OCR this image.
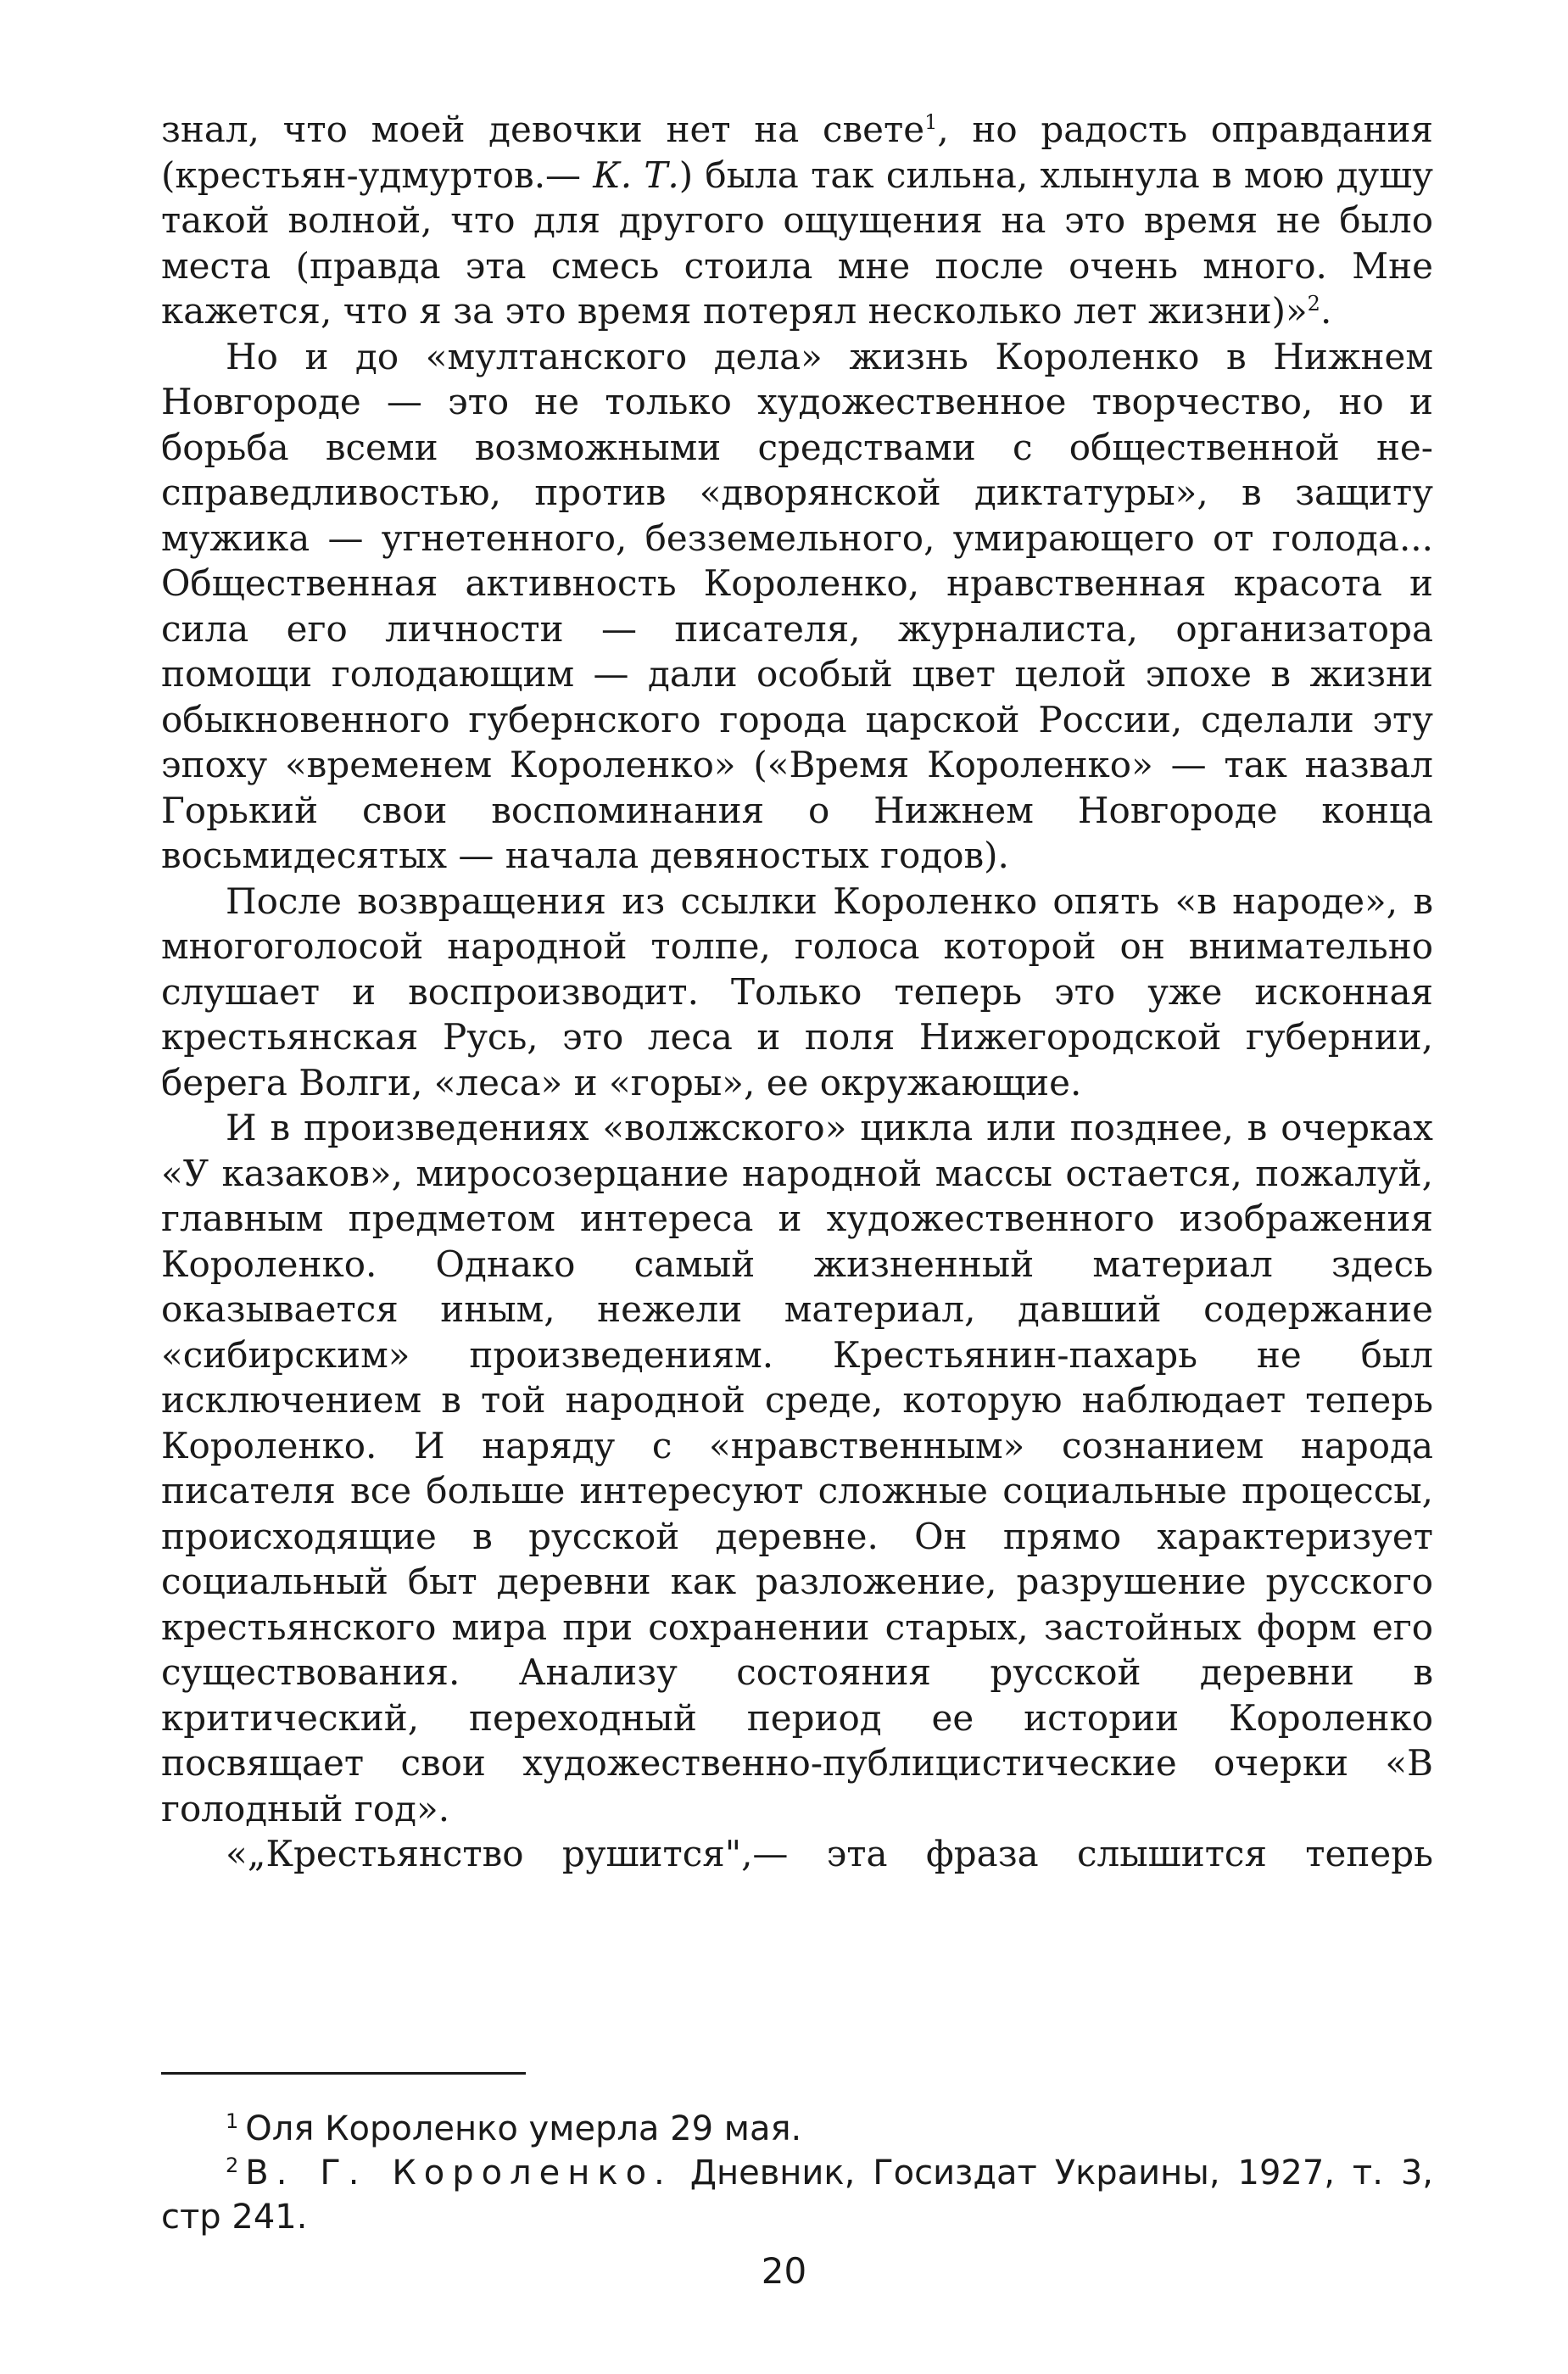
знал, что моей девочки нет на свете$^1$, но радость оправдания (крестьян-удмуртов.— К. Т.) была так сильна, хлынула в мою душу такой волной, что для другого ощущения на это время не было места (правда эта смесь стоила мне после очень много. Мне кажется, что я за это время потерял несколько лет жизни)»$^2$.

Но и до «мултанского дела» жизнь Короленко в Нижнем Новгороде — это не только художественное творчество, но и борьба всеми возможными средствами с общественной несправедливостью, против «дворянской диктатуры», в защиту мужика — угнетенного, безземельного, умирающего от голода... Общественная активность Короленко, нравственная красота и сила его личности — писателя, журналиста, организатора помощи голодающим — дали особый цвет целой эпохе в жизни обыкновенного губернского города царской России, сделали эту эпоху «временем Короленко» («Время Короленко» — так назвал Горький свои воспоминания о Нижнем Новгороде конца восьмидесятых — начала девяностых годов).

После возвращения из ссылки Короленко опять «в народе», в многоголосой народной толпе, голоса которой он внимательно слушает и воспроизводит. Только теперь это уже исконная крестьянская Русь, это леса и поля Нижегородской губернии, берега Волги, «леса» и «горы», ее окружающие.

И в произведениях «волжского» цикла или позднее, в очерках «У казаков», миросозерцание народной массы остается, пожалуй, главным предметом интереса и художественного изображения Короленко. Однако самый жизненный материал здесь оказывается иным, нежели материал, давший содержание «сибирским» произведениям. Крестьянин-пахарь не был исключением в той народной среде, которую наблюдает теперь Короленко. И наряду с «нравственным» сознанием народа писателя все больше интересуют сложные социальные процессы, происходящие в русской деревне. Он прямо характеризует социальный быт деревни как разложение, разрушение русского крестьянского мира при сохранении старых, застойных форм его существования. Анализу состояния русской деревни в критический, переходный период ее истории Короленко посвящает свои художественно-публицистические очерки «В голодный год».

«„Крестьянство рушится",— эта фраза слышится теперь

$^1$ Оля Короленко умерла 29 мая.

$^2$ В. Г. Короленко. Дневник, Госиздат Украины, 1927, т. 3, стр 241.

20
